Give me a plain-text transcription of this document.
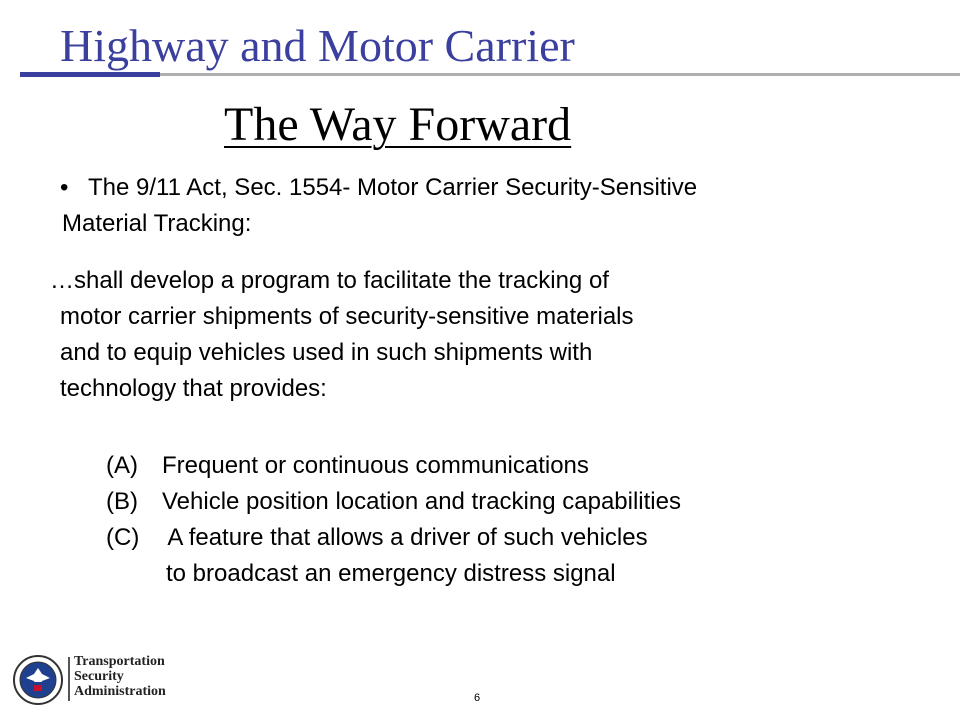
Highway and Motor Carrier
The Way Forward
• The 9/11 Act, Sec. 1554- Motor Carrier Security-Sensitive
Material Tracking:
…shall develop a program to facilitate the tracking of
motor carrier shipments of security-sensitive materials
and to equip vehicles used in such shipments with
technology that provides:
(A) Frequent or continuous communications
(B) Vehicle position location and tracking capabilities
(C) A feature that allows a driver of such vehicles
to broadcast an emergency distress signal
Transportation
Security
Administration	6
